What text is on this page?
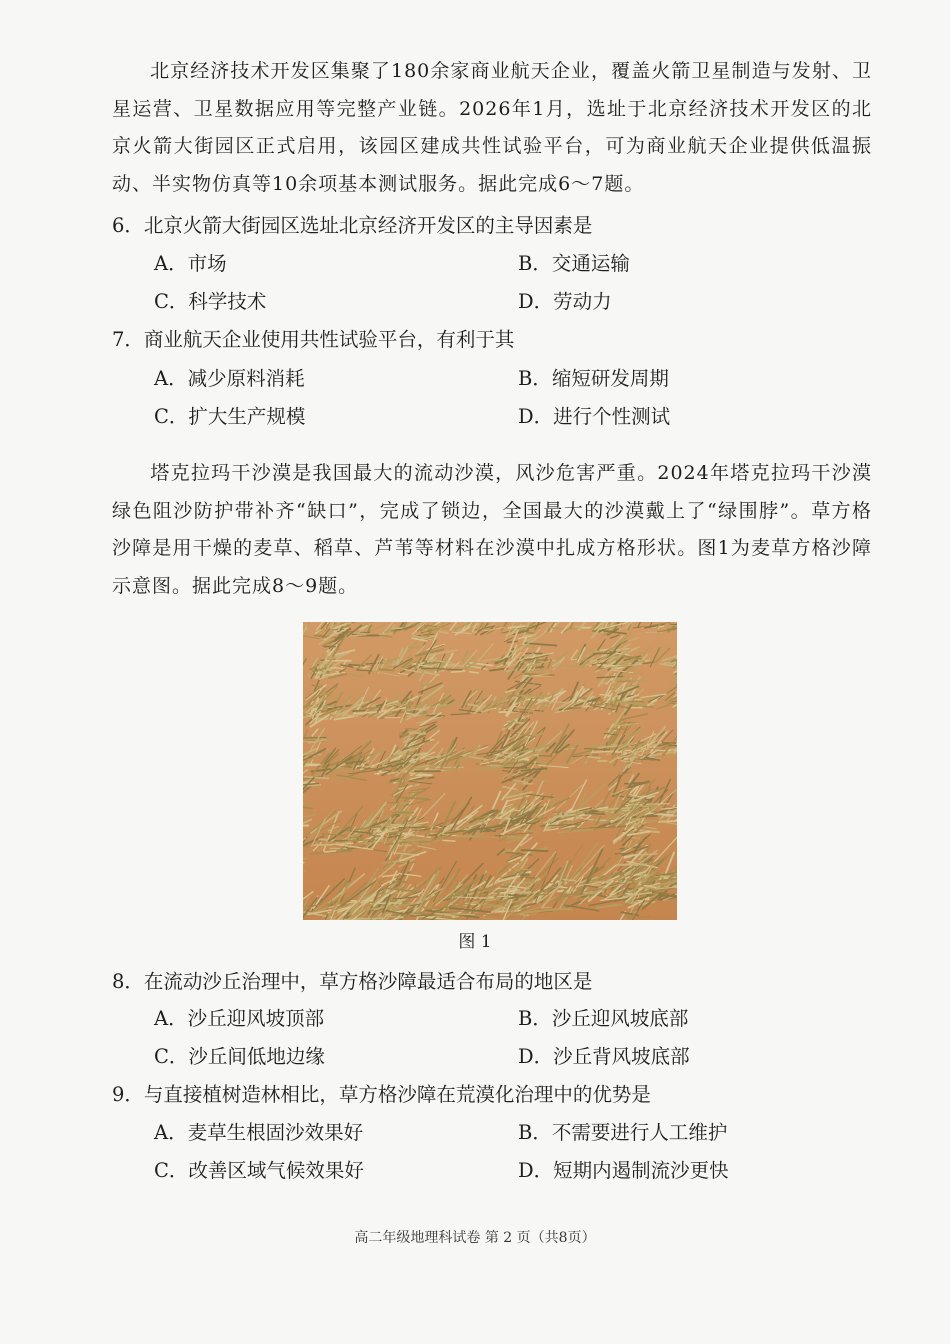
北京经济技术开发区集聚了180余家商业航天企业，覆盖火箭卫星制造与发射、卫星运营、卫星数据应用等完整产业链。2026年1月，选址于北京经济技术开发区的北京火箭大街园区正式启用，该园区建成共性试验平台，可为商业航天企业提供低温振动、半实物仿真等10余项基本测试服务。据此完成6～7题。

6．北京火箭大街园区选址北京经济开发区的主导因素是
A．市场	B．交通运输
C．科学技术	D．劳动力
7．商业航天企业使用共性试验平台，有利于其
A．减少原料消耗	B．缩短研发周期
C．扩大生产规模	D．进行个性测试

塔克拉玛干沙漠是我国最大的流动沙漠，风沙危害严重。2024年塔克拉玛干沙漠绿色阻沙防护带补齐“缺口”，完成了锁边，全国最大的沙漠戴上了“绿围脖”。草方格沙障是用干燥的麦草、稻草、芦苇等材料在沙漠中扎成方格形状。图1为麦草方格沙障示意图。据此完成8～9题。

图 1
8．在流动沙丘治理中，草方格沙障最适合布局的地区是
A．沙丘迎风坡顶部	B．沙丘迎风坡底部
C．沙丘间低地边缘	D．沙丘背风坡底部
9．与直接植树造林相比，草方格沙障在荒漠化治理中的优势是
A．麦草生根固沙效果好	B．不需要进行人工维护
C．改善区域气候效果好	D．短期内遏制流沙更快
高二年级地理科试卷 第 2 页（共8页）
